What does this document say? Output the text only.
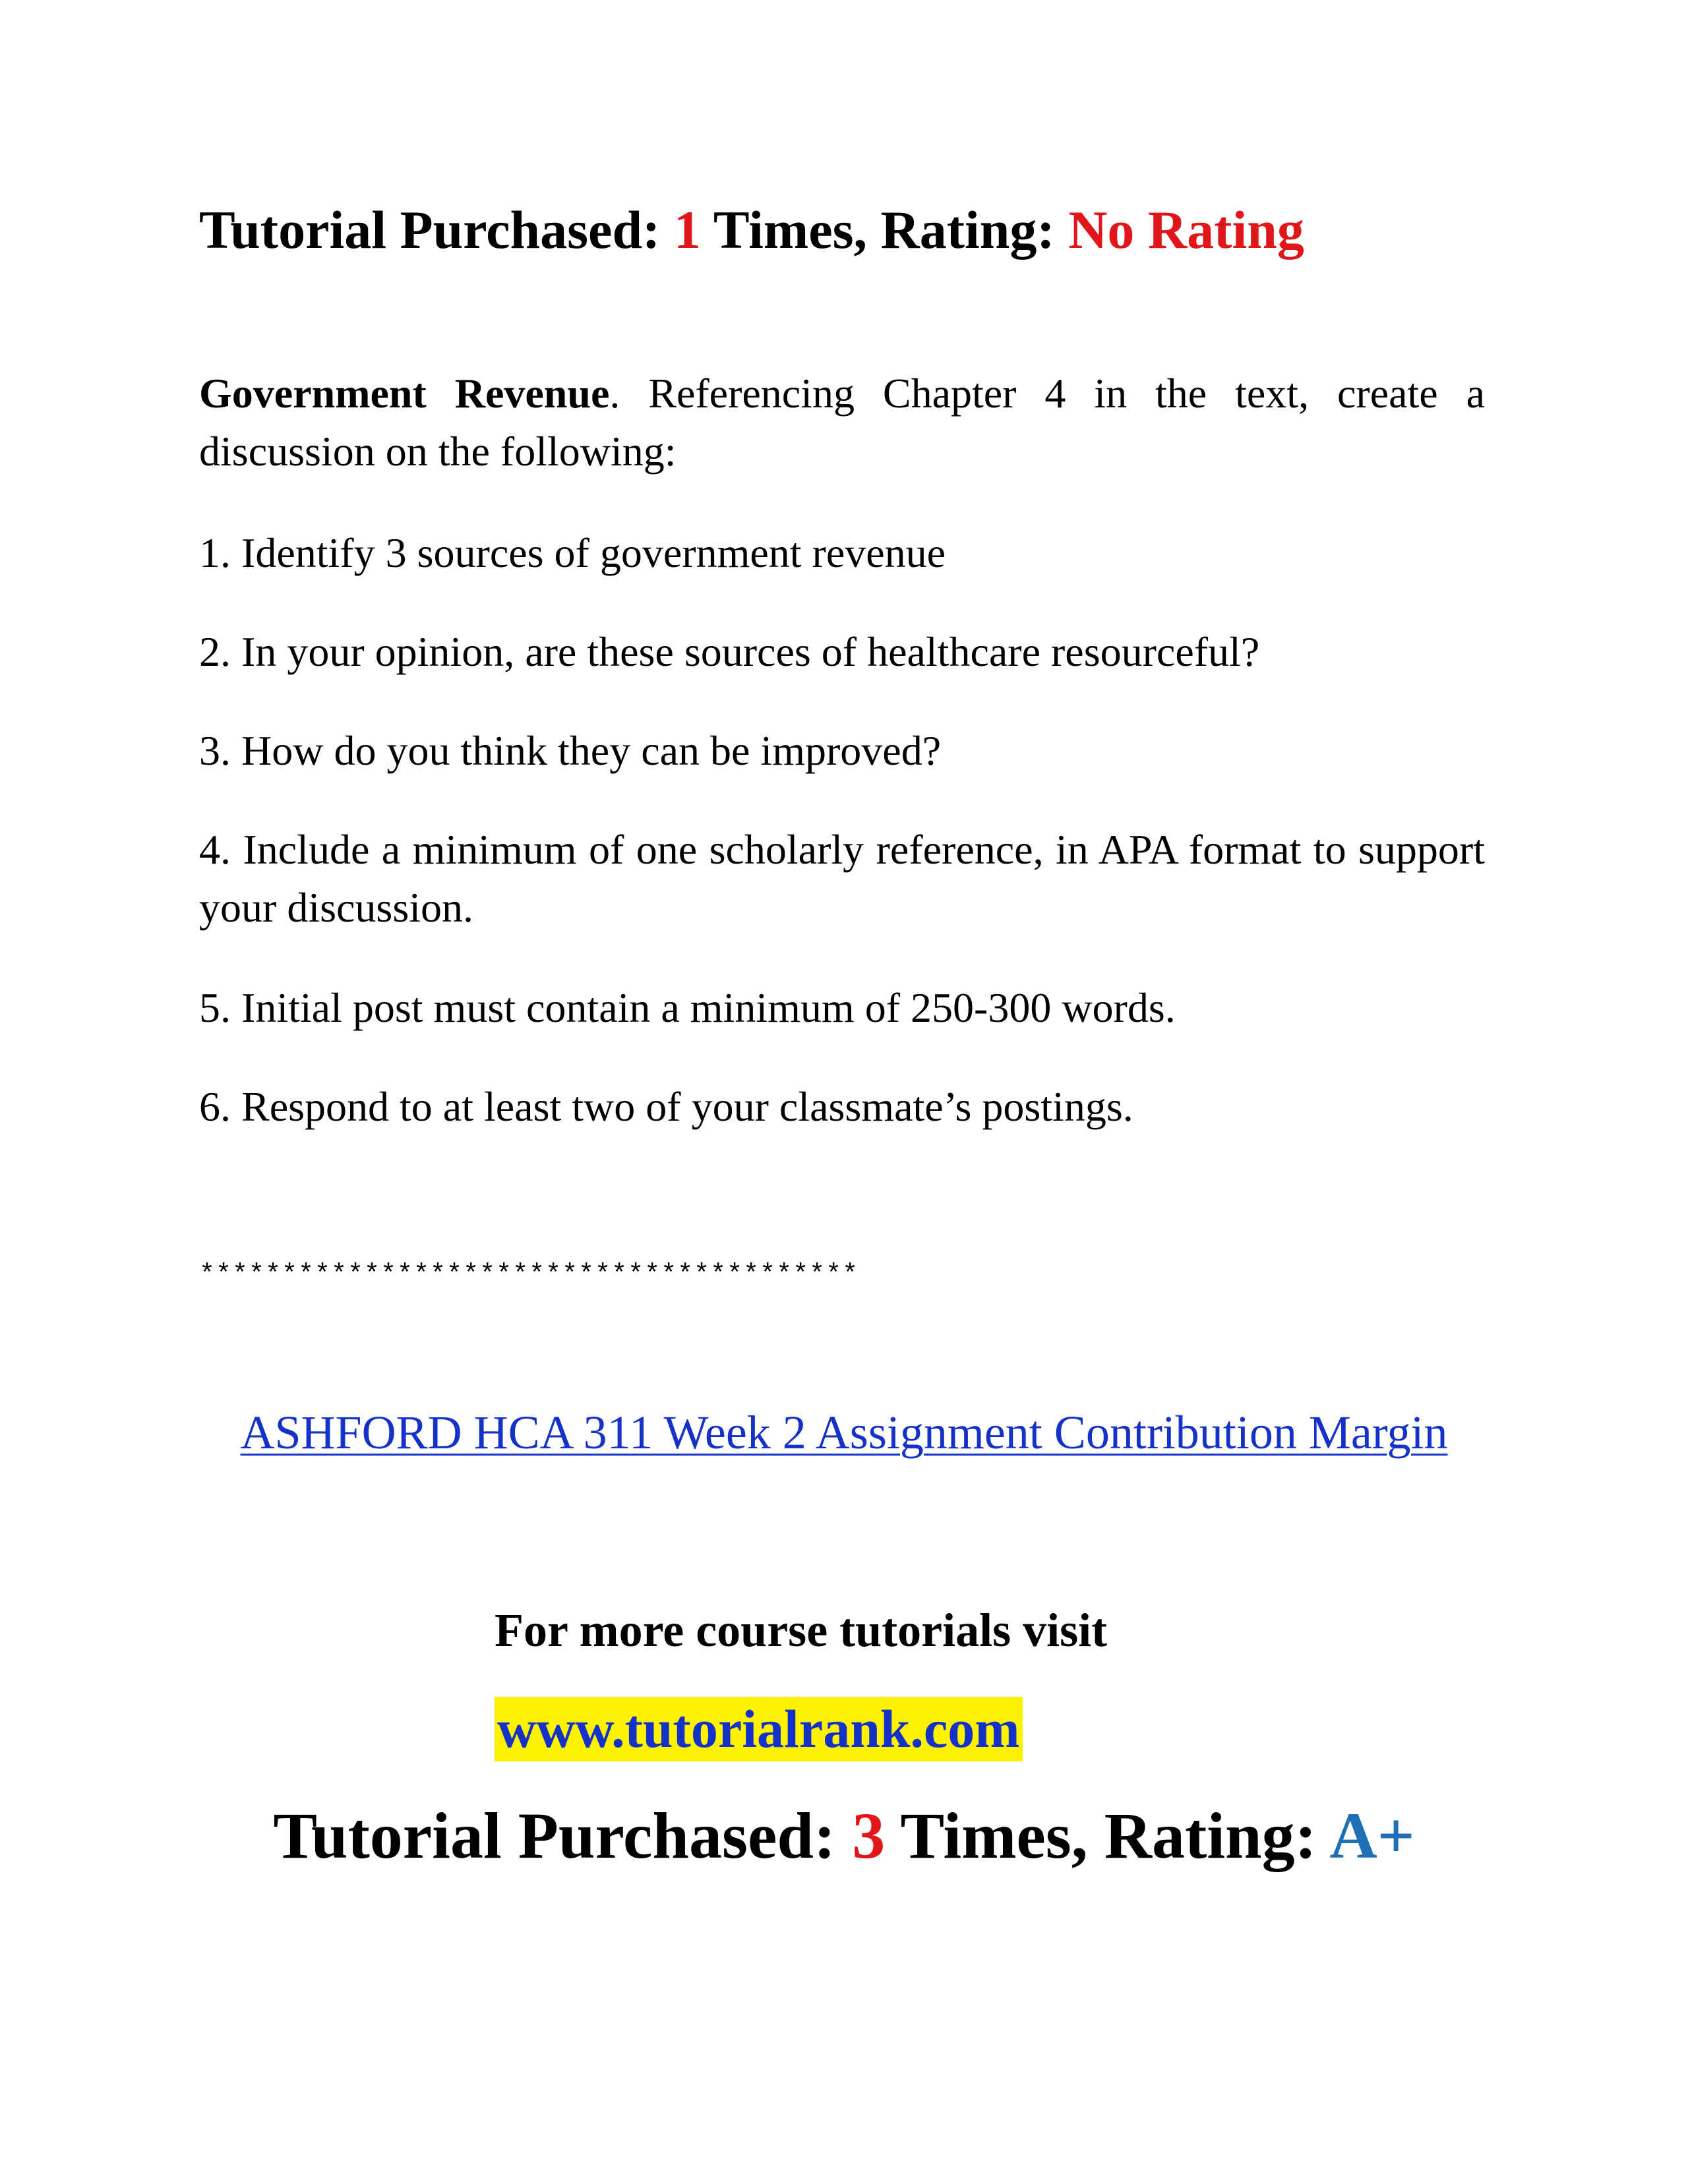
Tutorial Purchased: 1 Times, Rating: No Rating
Government Revenue. Referencing Chapter 4 in the text, create a discussion on the following:
1. Identify 3 sources of government revenue
2. In your opinion, are these sources of healthcare resourceful?
3. How do you think they can be improved?
4. Include a minimum of one scholarly reference, in APA format to support your discussion.
5. Initial post must contain a minimum of 250-300 words.
6. Respond to at least two of your classmate’s postings.
****************************************
ASHFORD HCA 311 Week 2 Assignment Contribution Margin
For more course tutorials visit
www.tutorialrank.com
Tutorial Purchased: 3 Times, Rating: A+
